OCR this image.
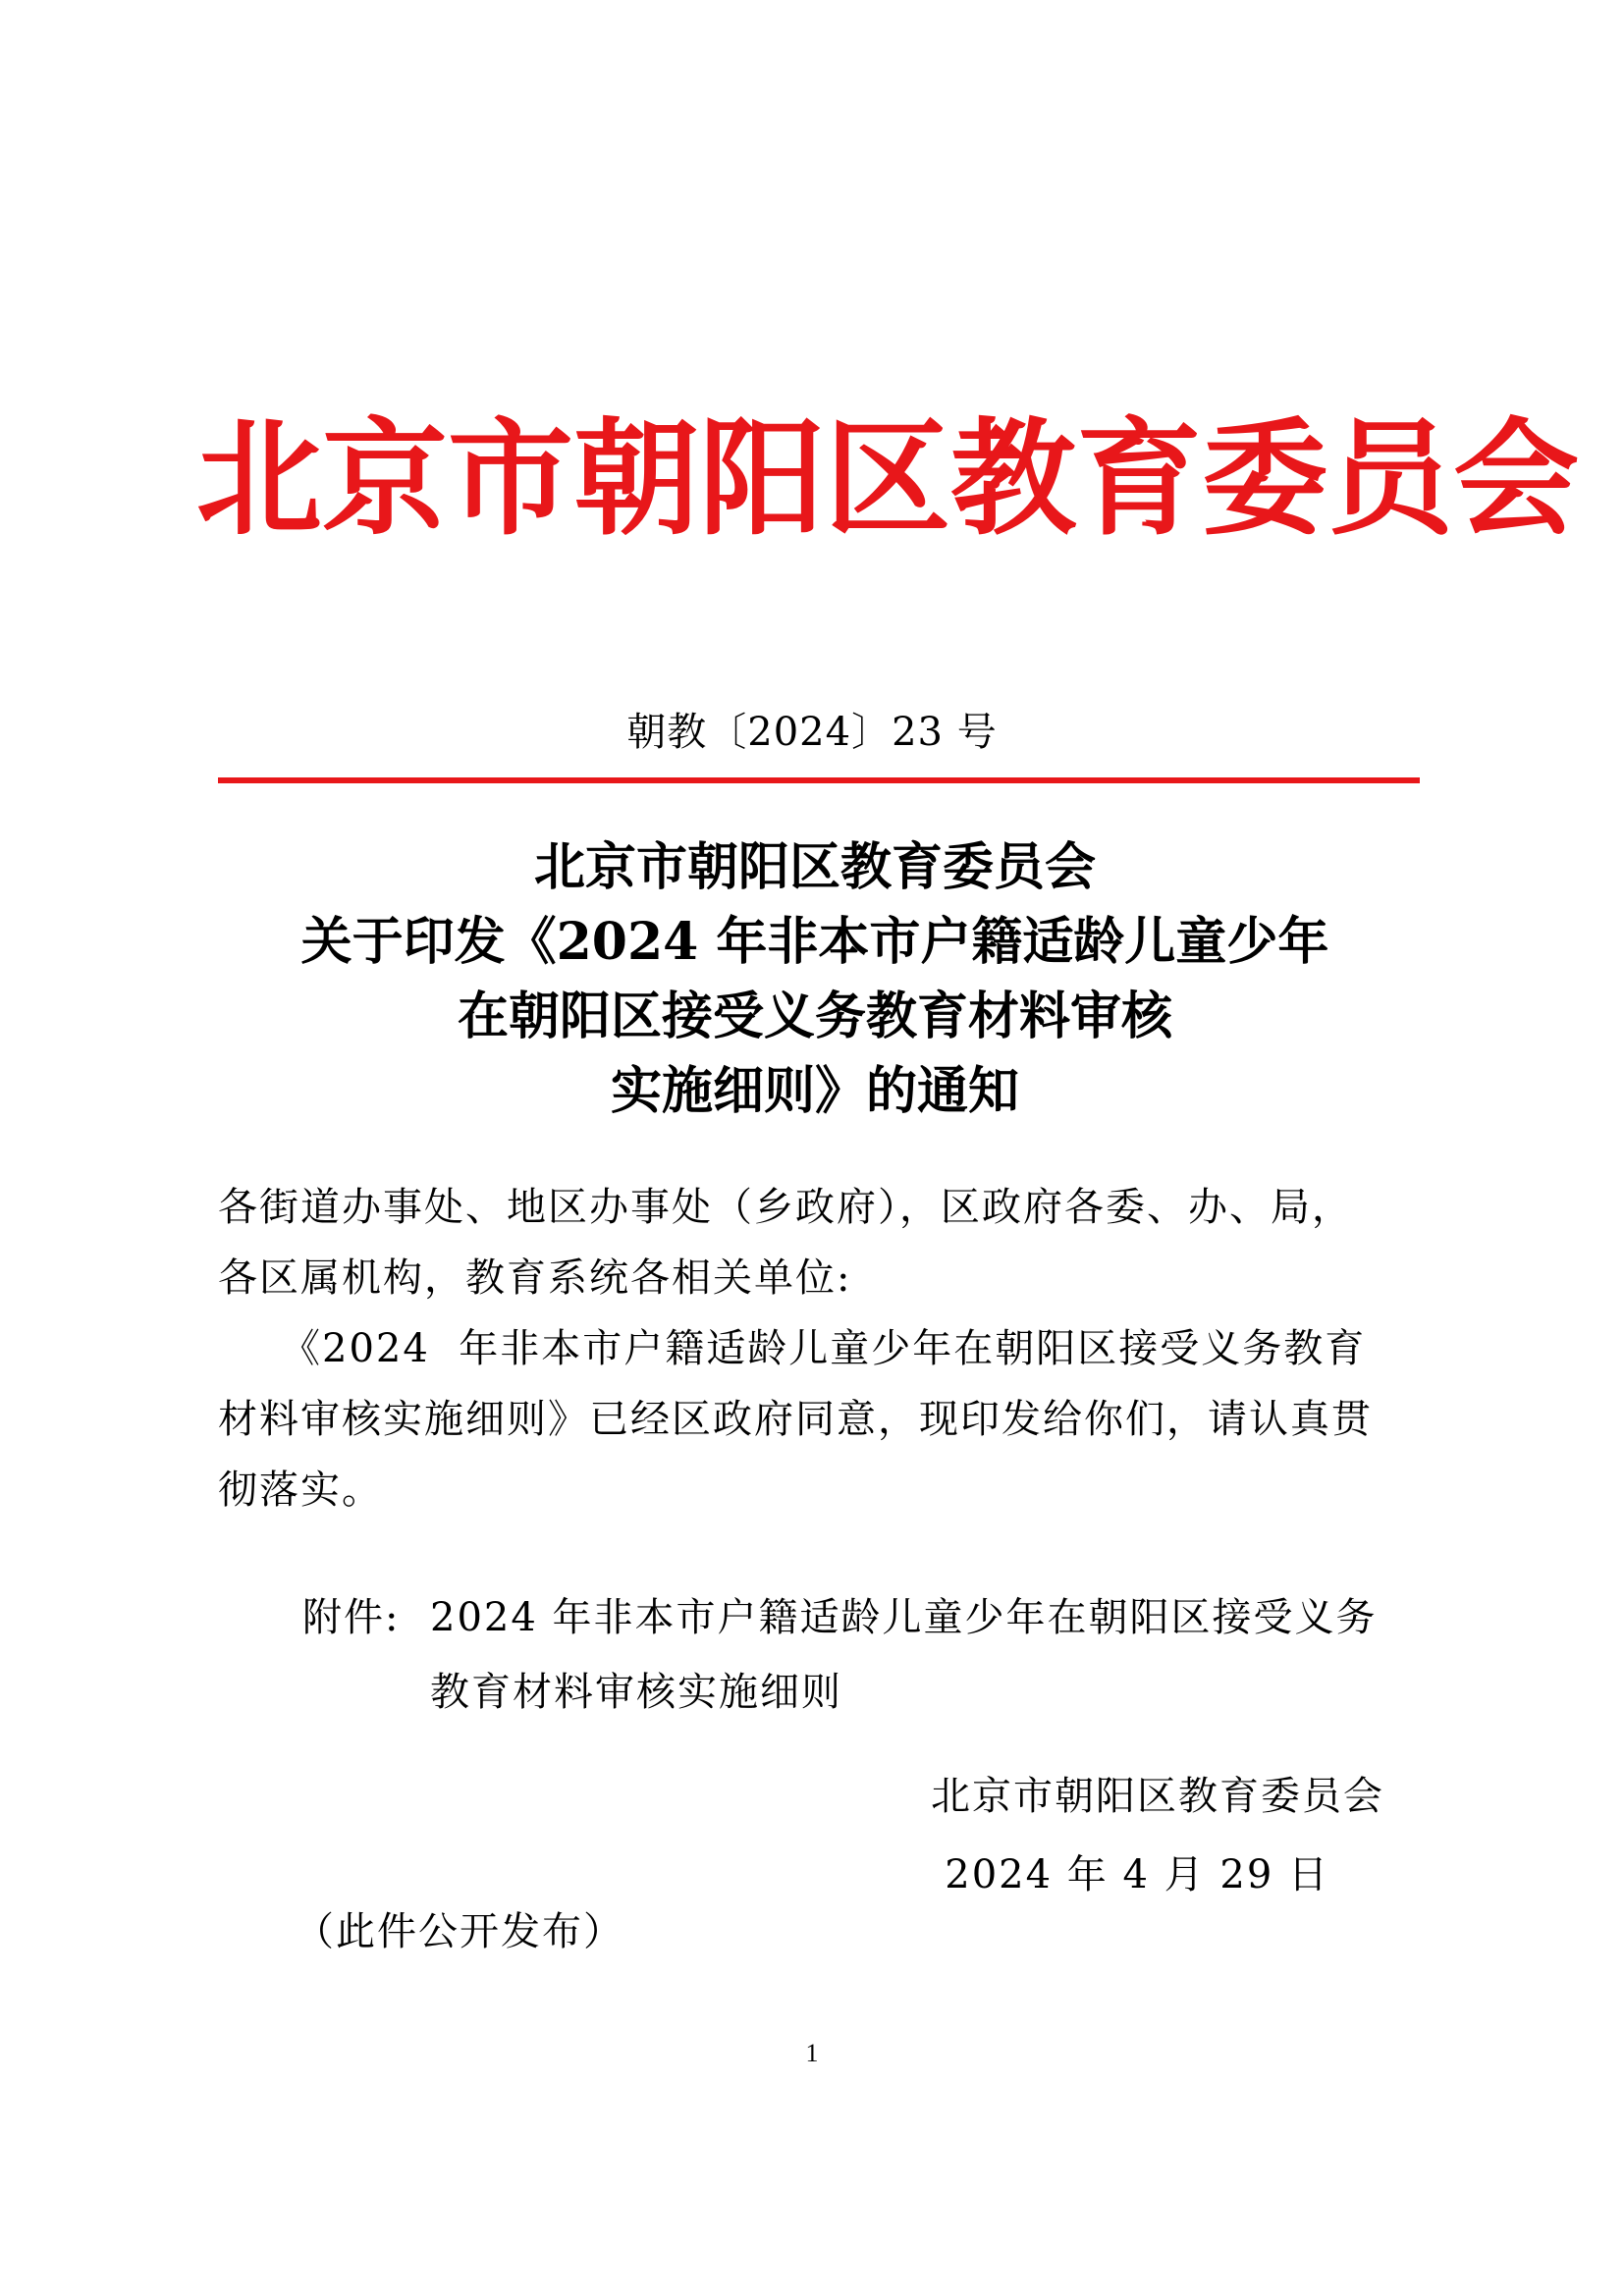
北 京 市 朝 阳 区 教 育 委 员 会
朝教〔2024〕23 号
北京市朝阳区教育委员会
关于印发《2024 年非本市户籍适龄儿童少年
在朝阳区接受义务教育材料审核
实施细则》的通知
各街道办事处、地区办事处（乡政府），区政府各委、办、局，
各区属机构，教育系统各相关单位:
　　《2024  年非本市户籍适龄儿童少年在朝阳区接受义务教育
材料审核实施细则》已经区政府同意，现印发给你们，请认真贯
彻落实。
附件: 2024 年非本市户籍适龄儿童少年在朝阳区接受义务
教育材料审核实施细则
北京市朝阳区教育委员会
2024 年 4 月 29 日
（此件公开发布）
1
